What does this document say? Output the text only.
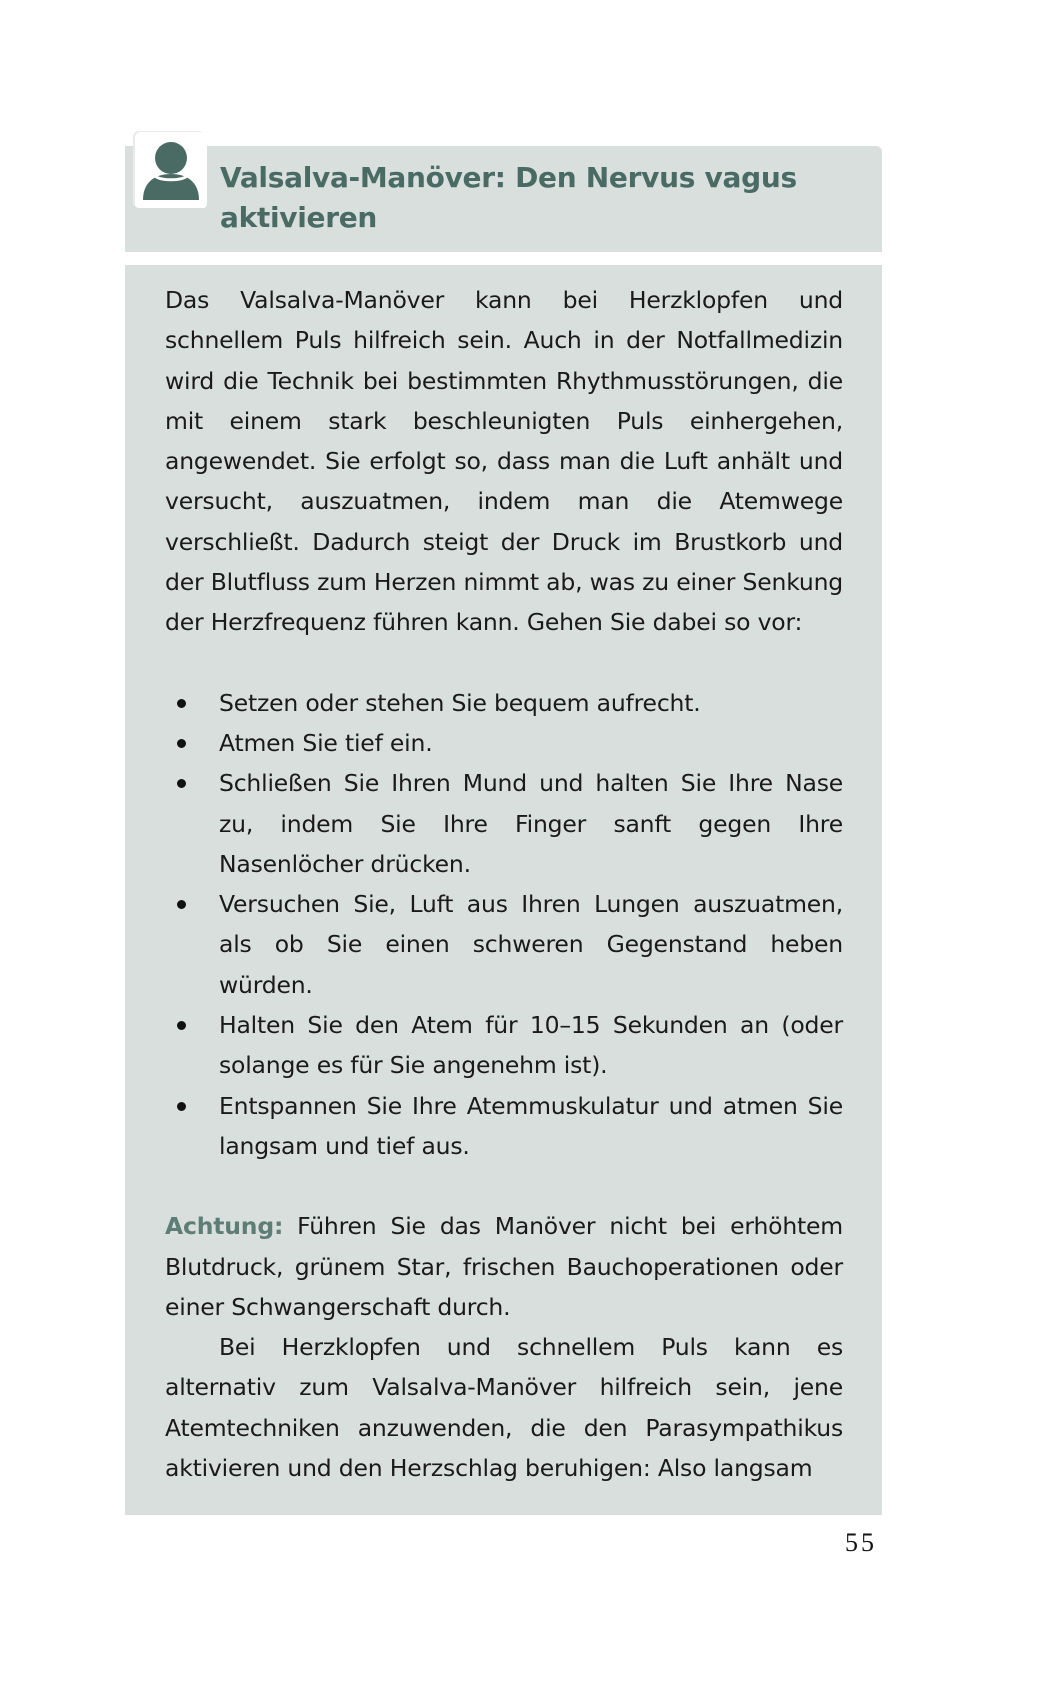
Valsalva-Manöver: Den Nervus vagus aktivieren

Das Valsalva-Manöver kann bei Herzklopfen und schnellem Puls hilfreich sein. Auch in der Notfallmedizin wird die Technik bei bestimmten Rhythmusstörungen, die mit einem stark beschleunigten Puls einhergehen, angewendet. Sie erfolgt so, dass man die Luft anhält und versucht, auszuatmen, indem man die Atemwege verschließt. Dadurch steigt der Druck im Brustkorb und der Blutfluss zum Herzen nimmt ab, was zu einer Senkung der Herzfrequenz führen kann. Gehen Sie dabei so vor:

Setzen oder stehen Sie bequem aufrecht.
Atmen Sie tief ein.
Schließen Sie Ihren Mund und halten Sie Ihre Nase zu, indem Sie Ihre Finger sanft gegen Ihre Nasenlöcher drücken.
Versuchen Sie, Luft aus Ihren Lungen auszuatmen, als ob Sie einen schweren Gegenstand heben würden.
Halten Sie den Atem für 10–15 Sekunden an (oder solange es für Sie angenehm ist).
Entspannen Sie Ihre Atemmuskulatur und atmen Sie langsam und tief aus.

Achtung: Führen Sie das Manöver nicht bei erhöhtem Blutdruck, grünem Star, frischen Bauchoperationen oder einer Schwangerschaft durch.

Bei Herzklopfen und schnellem Puls kann es alternativ zum Valsalva-Manöver hilfreich sein, jene Atemtechniken anzuwenden, die den Parasympathikus aktivieren und den Herzschlag beruhigen: Also langsam

55
